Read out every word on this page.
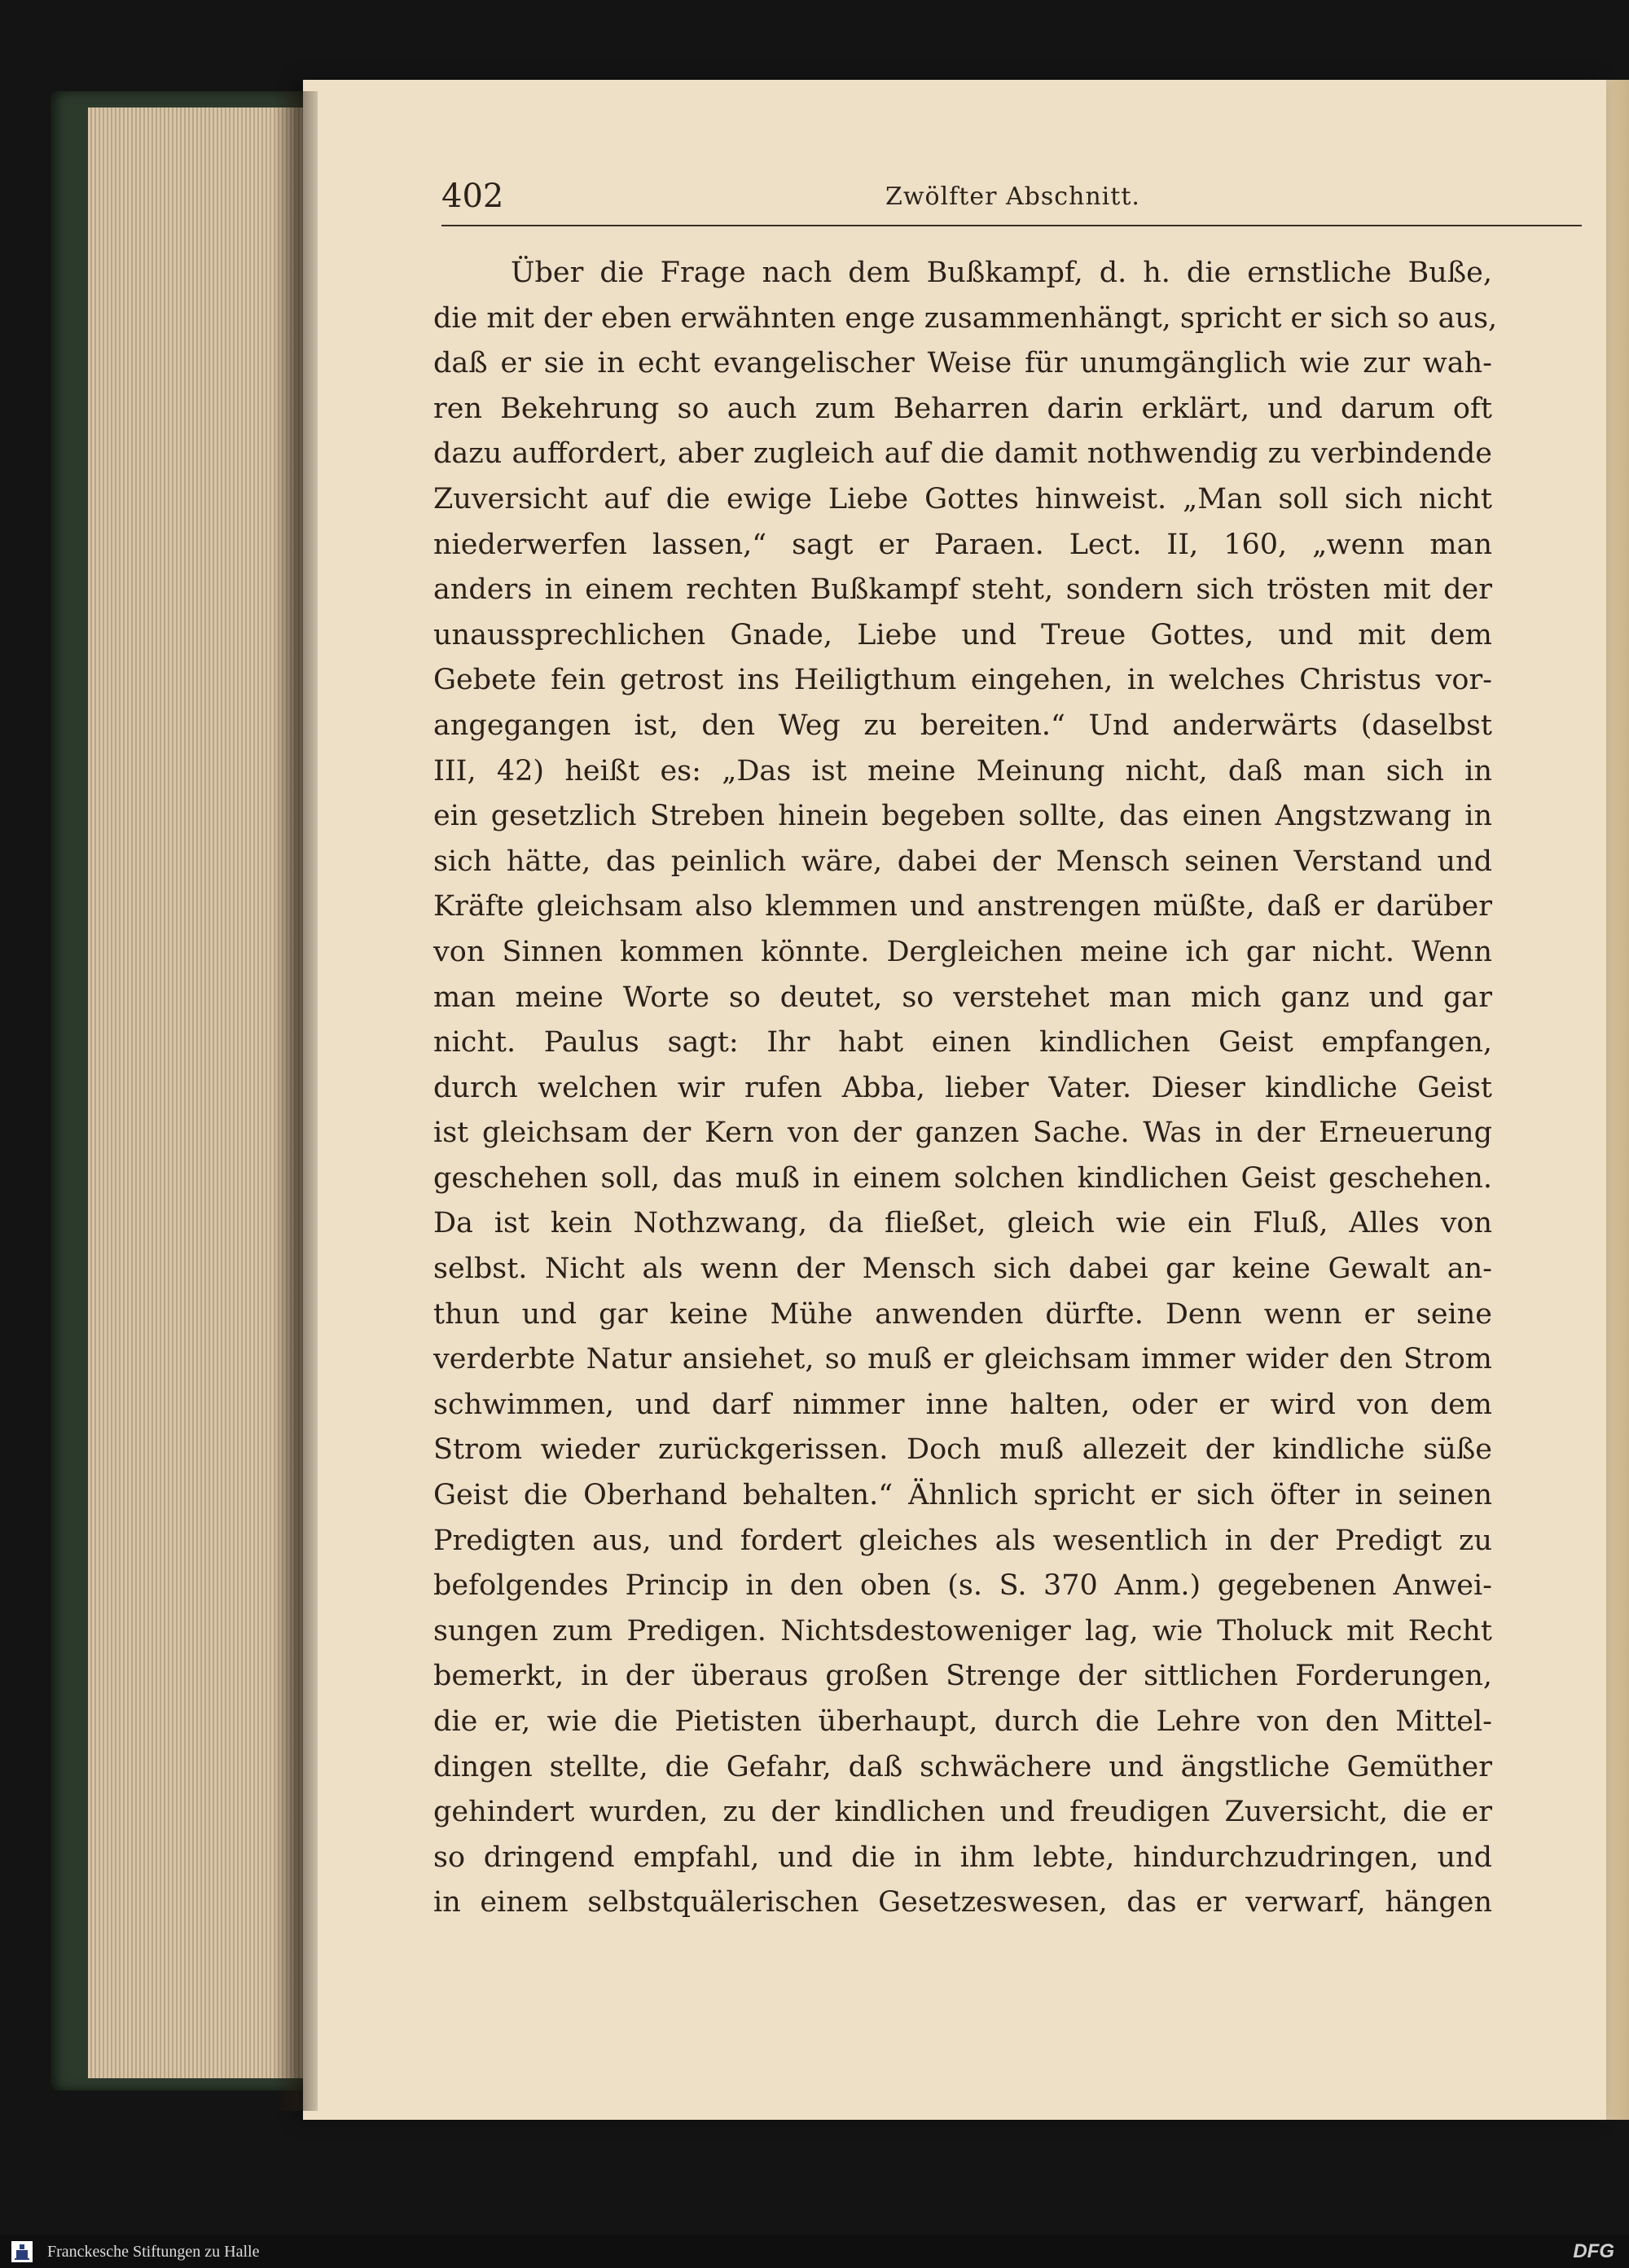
402	Zwölfter Abschnitt.
Über die Frage nach dem Bußkampf, d. h. die ernstliche Buße,
die mit der eben erwähnten enge zusammenhängt, spricht er sich so aus,
daß er sie in echt evangelischer Weise für unumgänglich wie zur wah-
ren Bekehrung so auch zum Beharren darin erklärt, und darum oft
dazu auffordert, aber zugleich auf die damit nothwendig zu verbindende
Zuversicht auf die ewige Liebe Gottes hinweist. „Man soll sich nicht
niederwerfen lassen,“ sagt er Paraen. Lect. II, 160, „wenn man
anders in einem rechten Bußkampf steht, sondern sich trösten mit der
unaussprechlichen Gnade, Liebe und Treue Gottes, und mit dem
Gebete fein getrost ins Heiligthum eingehen, in welches Christus vor-
angegangen ist, den Weg zu bereiten.“ Und anderwärts (daselbst
III, 42) heißt es: „Das ist meine Meinung nicht, daß man sich in
ein gesetzlich Streben hinein begeben sollte, das einen Angstzwang in
sich hätte, das peinlich wäre, dabei der Mensch seinen Verstand und
Kräfte gleichsam also klemmen und anstrengen müßte, daß er darüber
von Sinnen kommen könnte. Dergleichen meine ich gar nicht. Wenn
man meine Worte so deutet, so verstehet man mich ganz und gar
nicht. Paulus sagt: Ihr habt einen kindlichen Geist empfangen,
durch welchen wir rufen Abba, lieber Vater. Dieser kindliche Geist
ist gleichsam der Kern von der ganzen Sache. Was in der Erneuerung
geschehen soll, das muß in einem solchen kindlichen Geist geschehen.
Da ist kein Nothzwang, da fließet, gleich wie ein Fluß, Alles von
selbst. Nicht als wenn der Mensch sich dabei gar keine Gewalt an-
thun und gar keine Mühe anwenden dürfte. Denn wenn er seine
verderbte Natur ansiehet, so muß er gleichsam immer wider den Strom
schwimmen, und darf nimmer inne halten, oder er wird von dem
Strom wieder zurückgerissen. Doch muß allezeit der kindliche süße
Geist die Oberhand behalten.“ Ähnlich spricht er sich öfter in seinen
Predigten aus, und fordert gleiches als wesentlich in der Predigt zu
befolgendes Princip in den oben (s. S. 370 Anm.) gegebenen Anwei-
sungen zum Predigen. Nichtsdestoweniger lag, wie Tholuck mit Recht
bemerkt, in der überaus großen Strenge der sittlichen Forderungen,
die er, wie die Pietisten überhaupt, durch die Lehre von den Mittel-
dingen stellte, die Gefahr, daß schwächere und ängstliche Gemüther
gehindert wurden, zu der kindlichen und freudigen Zuversicht, die er
so dringend empfahl, und die in ihm lebte, hindurchzudringen, und
in einem selbstquälerischen Gesetzeswesen, das er verwarf, hängen
Franckesche Stiftungen zu Halle	DFG
